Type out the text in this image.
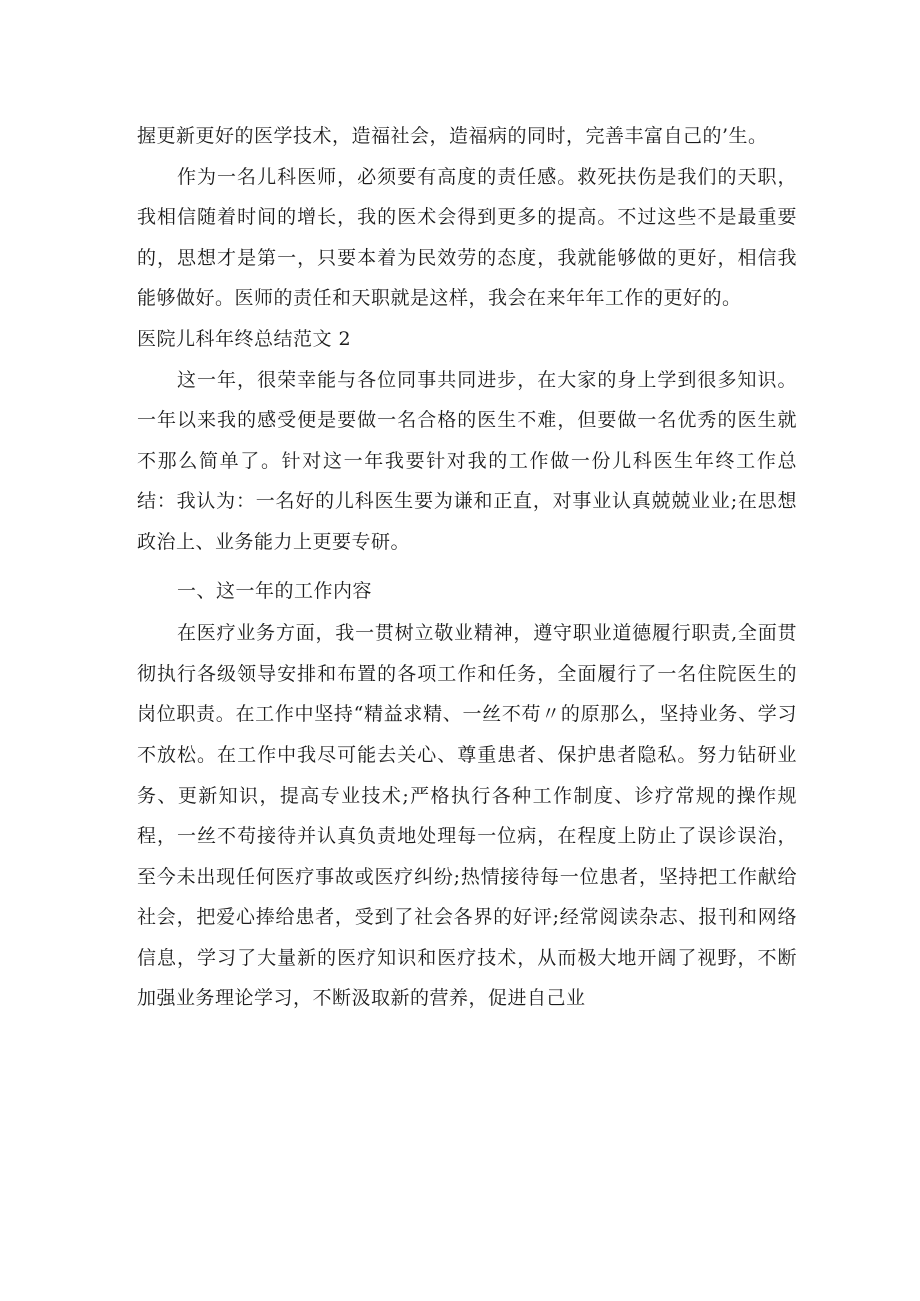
握更新更好的医学技术，造福社会，造福病的同时，完善丰富自己的’生。

作为一名儿科医师，必须要有高度的责任感。救死扶伤是我们的天职，我相信随着时间的增长，我的医术会得到更多的提高。不过这些不是最重要的，思想才是第一，只要本着为民效劳的态度，我就能够做的更好，相信我能够做好。医师的责任和天职就是这样，我会在来年年工作的更好的。

医院儿科年终总结范文 2

这一年，很荣幸能与各位同事共同进步，在大家的身上学到很多知识。一年以来我的感受便是要做一名合格的医生不难，但要做一名优秀的医生就不那么简单了。针对这一年我要针对我的工作做一份儿科医生年终工作总结：我认为：一名好的儿科医生要为谦和正直，对事业认真兢兢业业;在思想政治上、业务能力上更要专研。

一、这一年的工作内容

在医疗业务方面，我一贯树立敬业精神，遵守职业道德履行职责,全面贯彻执行各级领导安排和布置的各项工作和任务，全面履行了一名住院医生的岗位职责。在工作中坚持“精益求精、一丝不苟〃的原那么，坚持业务、学习不放松。在工作中我尽可能去关心、尊重患者、保护患者隐私。努力钻研业务、更新知识，提高专业技术;严格执行各种工作制度、诊疗常规的操作规程，一丝不苟接待并认真负责地处理每一位病，在程度上防止了误诊误治，至今未出现任何医疗事故或医疗纠纷;热情接待每一位患者，坚持把工作献给社会，把爱心捧给患者，受到了社会各界的好评;经常阅读杂志、报刊和网络信息，学习了大量新的医疗知识和医疗技术，从而极大地开阔了视野，不断加强业务理论学习，不断汲取新的营养，促进自己业
